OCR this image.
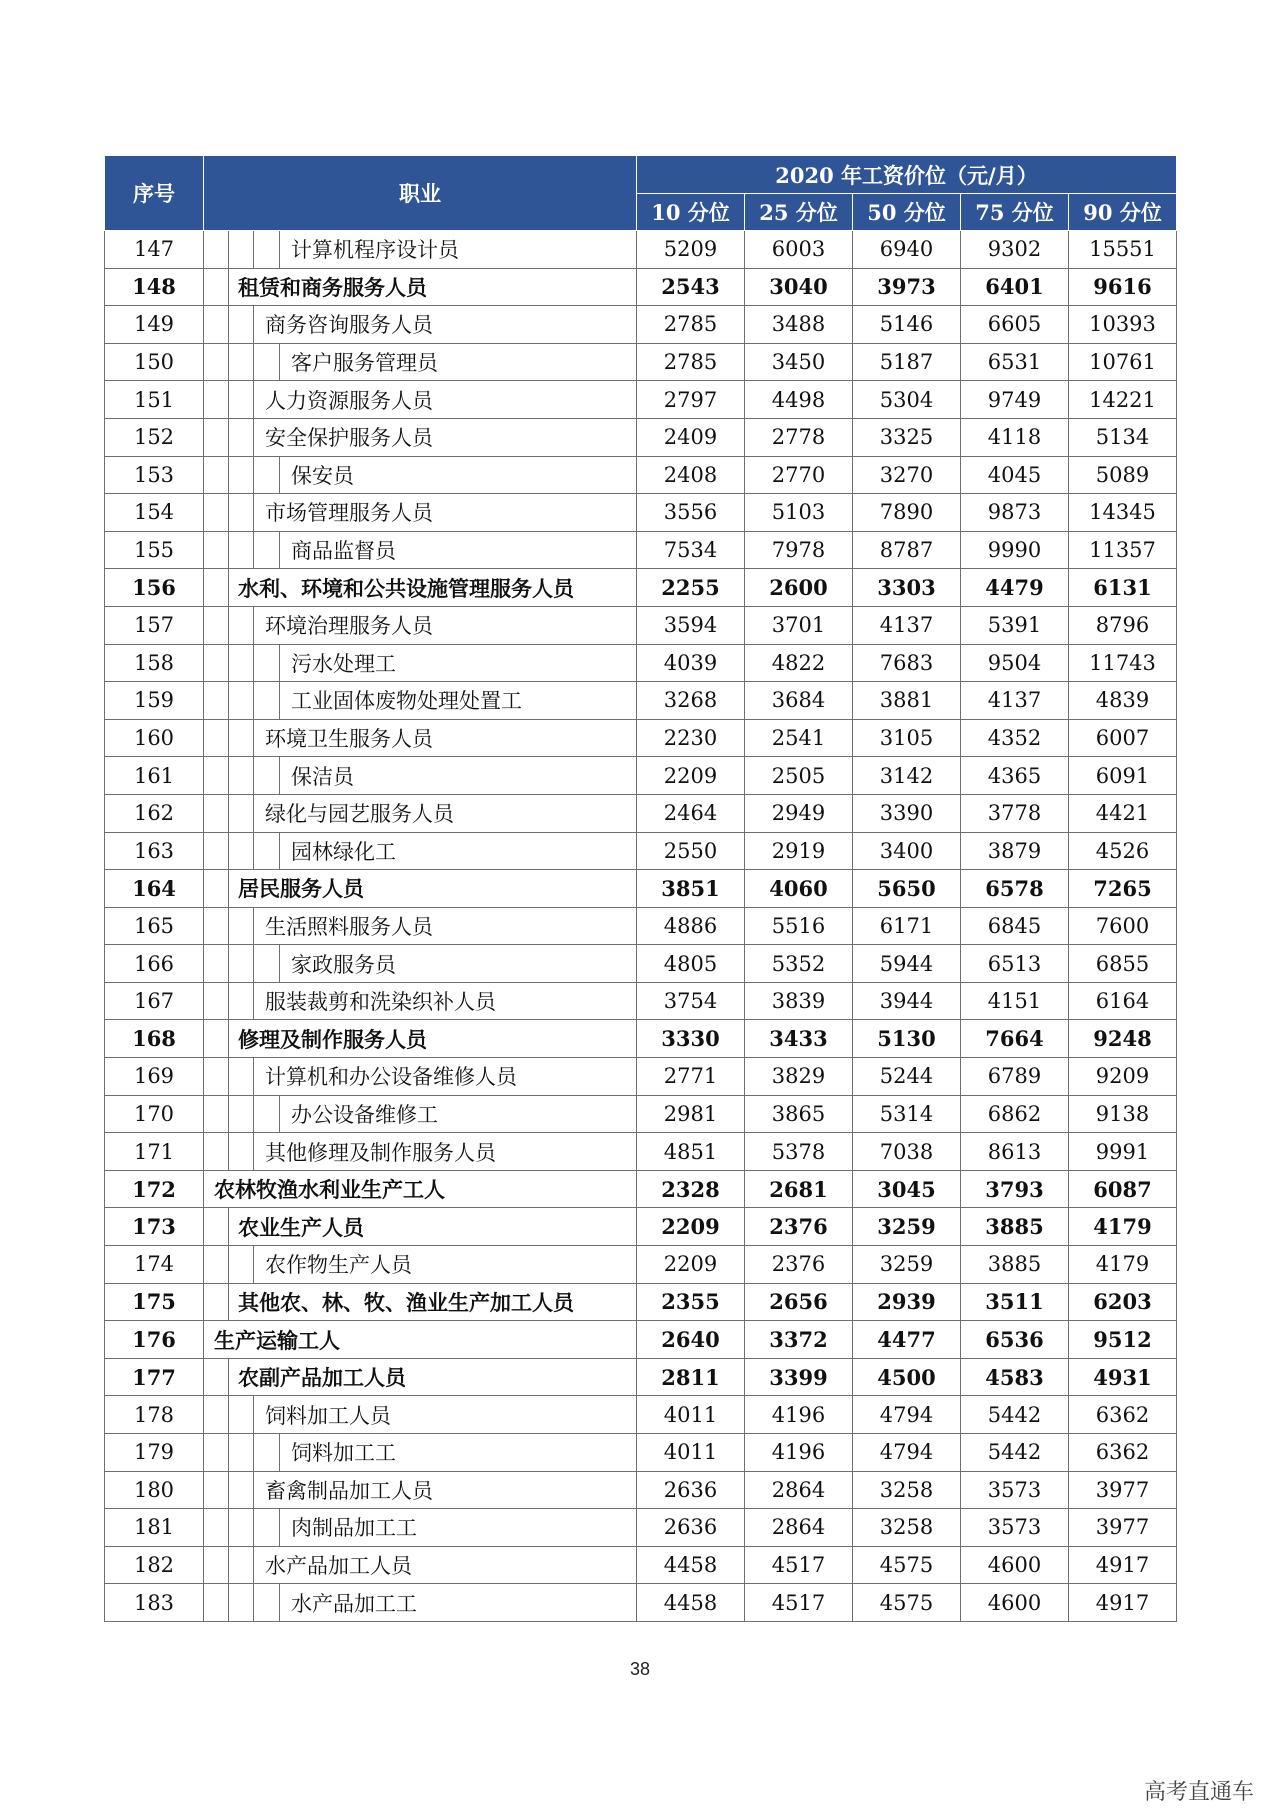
序号	职业	2020 年工资价位（元/月）				
		10 分位	25 分位	50 分位	75 分位	90 分位
147	计算机程序设计员	5209	6003	6940	9302	15551
148	租赁和商务服务人员	2543	3040	3973	6401	9616
149	商务咨询服务人员	2785	3488	5146	6605	10393
150	客户服务管理员	2785	3450	5187	6531	10761
151	人力资源服务人员	2797	4498	5304	9749	14221
152	安全保护服务人员	2409	2778	3325	4118	5134
153	保安员	2408	2770	3270	4045	5089
154	市场管理服务人员	3556	5103	7890	9873	14345
155	商品监督员	7534	7978	8787	9990	11357
156	水利、环境和公共设施管理服务人员	2255	2600	3303	4479	6131
157	环境治理服务人员	3594	3701	4137	5391	8796
158	污水处理工	4039	4822	7683	9504	11743
159	工业固体废物处理处置工	3268	3684	3881	4137	4839
160	环境卫生服务人员	2230	2541	3105	4352	6007
161	保洁员	2209	2505	3142	4365	6091
162	绿化与园艺服务人员	2464	2949	3390	3778	4421
163	园林绿化工	2550	2919	3400	3879	4526
164	居民服务人员	3851	4060	5650	6578	7265
165	生活照料服务人员	4886	5516	6171	6845	7600
166	家政服务员	4805	5352	5944	6513	6855
167	服装裁剪和洗染织补人员	3754	3839	3944	4151	6164
168	修理及制作服务人员	3330	3433	5130	7664	9248
169	计算机和办公设备维修人员	2771	3829	5244	6789	9209
170	办公设备维修工	2981	3865	5314	6862	9138
171	其他修理及制作服务人员	4851	5378	7038	8613	9991
172	农林牧渔水利业生产工人	2328	2681	3045	3793	6087
173	农业生产人员	2209	2376	3259	3885	4179
174	农作物生产人员	2209	2376	3259	3885	4179
175	其他农、林、牧、渔业生产加工人员	2355	2656	2939	3511	6203
176	生产运输工人	2640	3372	4477	6536	9512
177	农副产品加工人员	2811	3399	4500	4583	4931
178	饲料加工人员	4011	4196	4794	5442	6362
179	饲料加工工	4011	4196	4794	5442	6362
180	畜禽制品加工人员	2636	2864	3258	3573	3977
181	肉制品加工工	2636	2864	3258	3573	3977
182	水产品加工人员	4458	4517	4575	4600	4917
183	水产品加工工	4458	4517	4575	4600	4917
38
高考直通车
